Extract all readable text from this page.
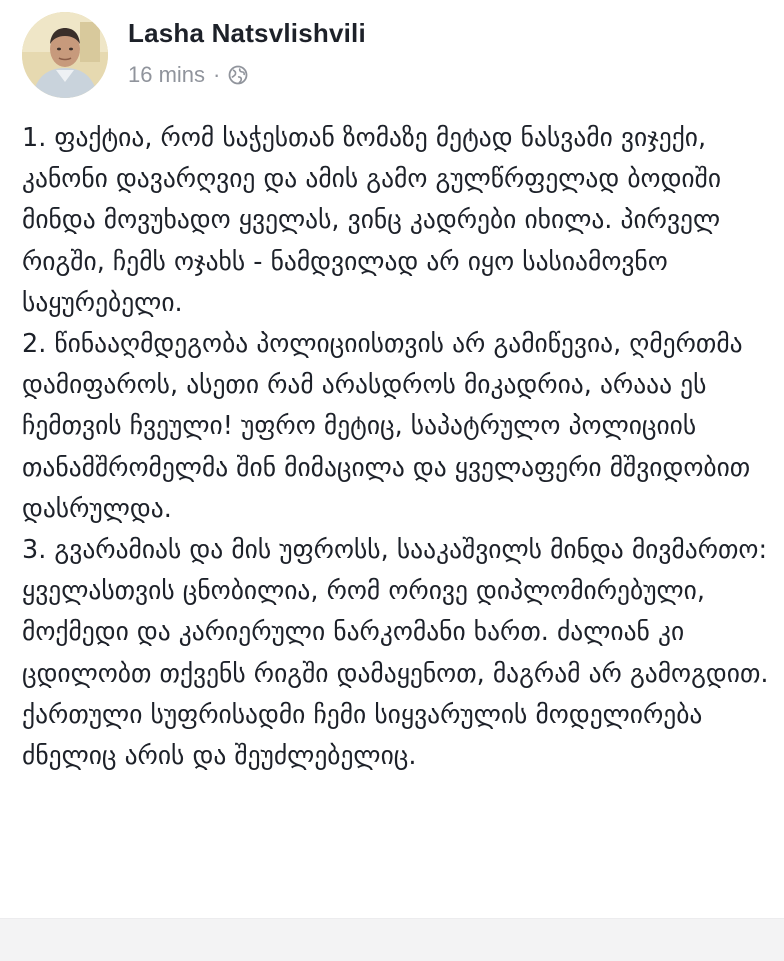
Lasha Natsvlishvili
16 mins ·

1. ფაქტია, რომ საჭესთან ზომაზე მეტად ნასვამი ვიჯექი, კანონი დავარღვიე და ამის გამო გულწრფელად ბოდიში მინდა მოვუხადო ყველას, ვინც კადრები იხილა. პირველ რიგში, ჩემს ოჯახს - ნამდვილად არ იყო სასიამოვნო საყურებელი.

2. წინააღმდეგობა პოლიციისთვის არ გამიწევია, ღმერთმა დამიფაროს, ასეთი რამ არასდროს მიკადრია, არააა ეს ჩემთვის ჩვეული! უფრო მეტიც, საპატრულო პოლიციის თანამშრომელმა შინ მიმაცილა და ყველაფერი მშვიდობით დასრულდა.

3. გვარამიას და მის უფროსს, სააკაშვილს მინდა მივმართო: ყველასთვის ცნობილია, რომ ორივე დიპლომირებული, მოქმედი და კარიერული ნარკომანი ხართ. ძალიან კი ცდილობთ თქვენს რიგში დამაყენოთ, მაგრამ არ გამოგდით. ქართული სუფრისადმი ჩემი სიყვარულის მოდელირება ძნელიც არის და შეუძლებელიც.
